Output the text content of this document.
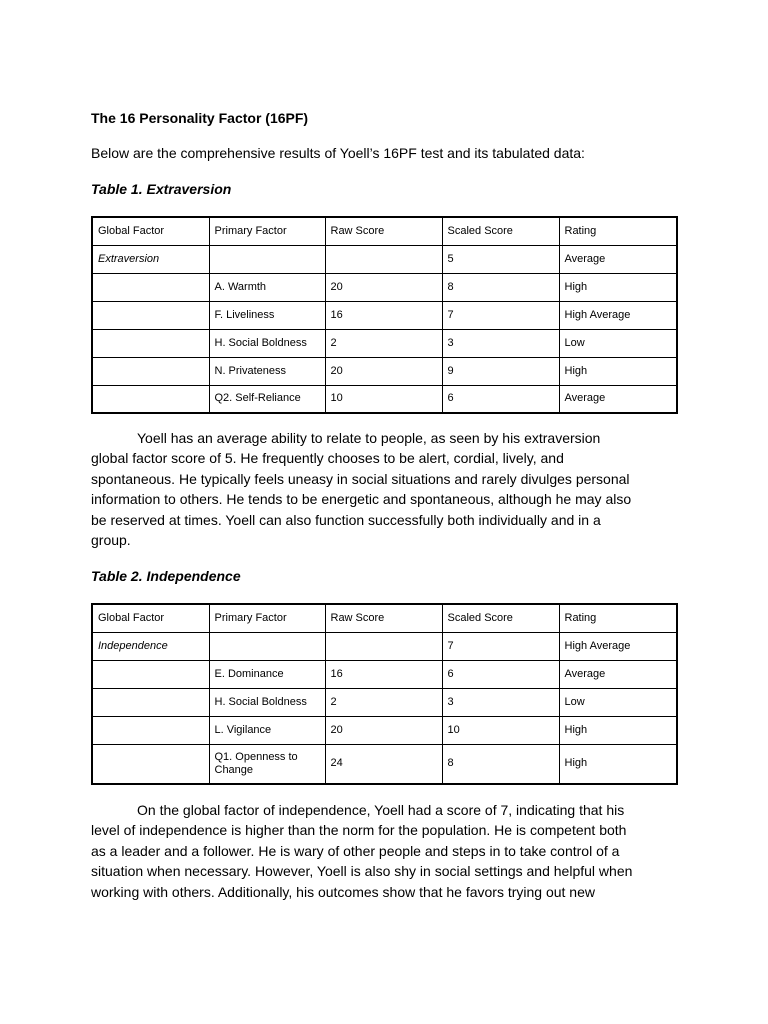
The 16 Personality Factor (16PF)
Below are the comprehensive results of Yoell’s 16PF test and its tabulated data:
Table 1. Extraversion
Global Factor	Primary Factor	Raw Score	Scaled Score	Rating
Extraversion			5	Average
	A. Warmth	20	8	High
	F. Liveliness	16	7	High Average
	H. Social Boldness	2	3	Low
	N. Privateness	20	9	High
	Q2. Self-Reliance	10	6	Average

Yoell has an average ability to relate to people, as seen by his extraversion
global factor score of 5. He frequently chooses to be alert, cordial, lively, and
spontaneous. He typically feels uneasy in social situations and rarely divulges personal
information to others. He tends to be energetic and spontaneous, although he may also
be reserved at times. Yoell can also function successfully both individually and in a
group.

Table 2. Independence
Global Factor	Primary Factor	Raw Score	Scaled Score	Rating
Independence			7	High Average
	E. Dominance	16	6	Average
	H. Social Boldness	2	3	Low
	L. Vigilance	20	10	High
	Q1. Openness to Change	24	8	High

On the global factor of independence, Yoell had a score of 7, indicating that his
level of independence is higher than the norm for the population. He is competent both
as a leader and a follower. He is wary of other people and steps in to take control of a
situation when necessary. However, Yoell is also shy in social settings and helpful when
working with others. Additionally, his outcomes show that he favors trying out new
